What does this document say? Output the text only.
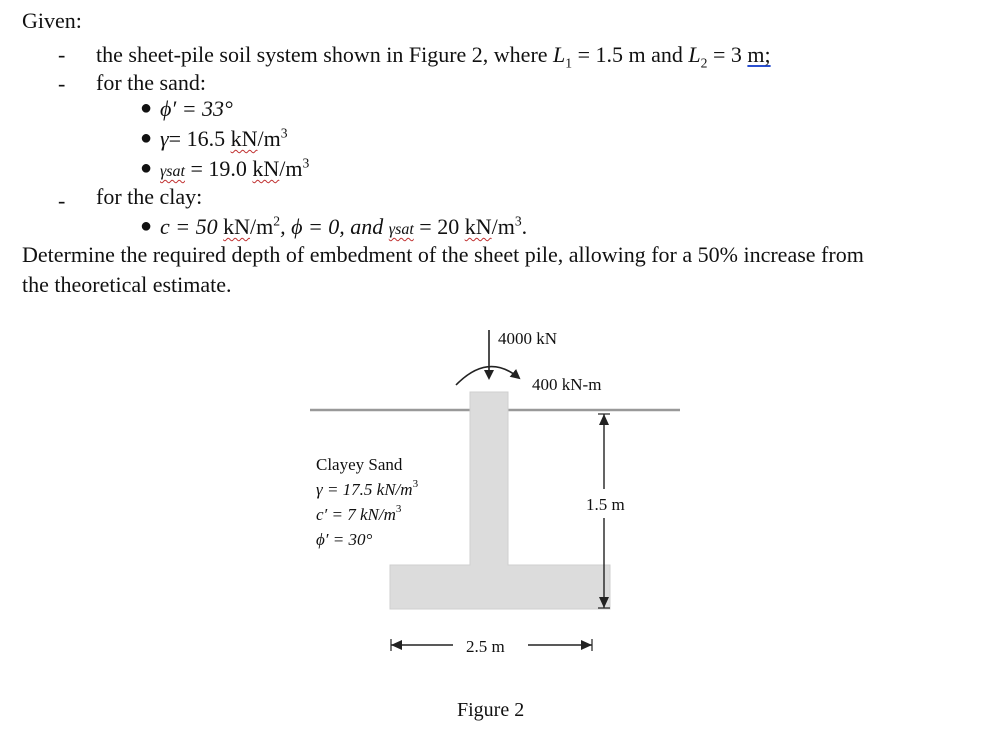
Given:
- the sheet-pile soil system shown in Figure 2, where $L_1 = 1.5$ m and $L_2 = 3$ m;
- for the sand:
● ϕ′ = 33°
● γ= 16.5 $kN/m^3$
● γsat = 19.0 $kN/m^3$
- for the clay:
● c = 50 $kN/m^2$, ϕ = 0, and γsat = 20 $kN/m^3$.
Determine the required depth of embedment of the sheet pile, allowing for a 50% increase from
the theoretical estimate.
4000 kN
400 kN-m
Clayey Sand
γ = 17.5 $kN/m^3$
c′ = 7 $kN/m^3$
ϕ′ = 30°
1.5 m
2.5 m
Figure 2
